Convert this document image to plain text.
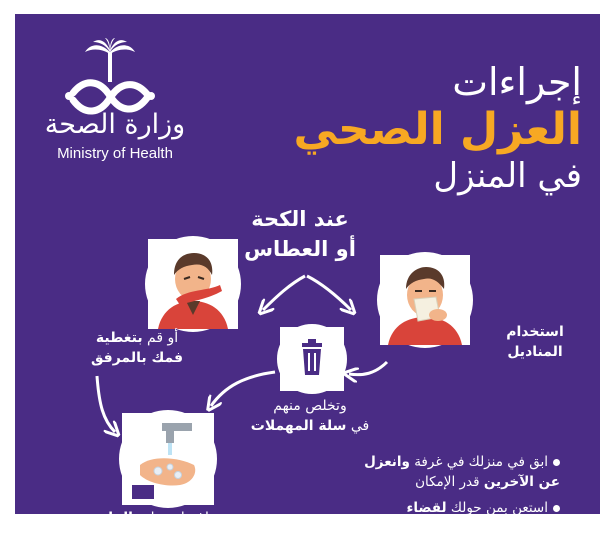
وزارة الصحة
Ministry of Health
إجراءات
العزل الصحي
في المنزل
عند الكحة
أو العطاس
أو قم بتغطية
فمك بالمرفق
استخدام
المناديل
وتخلص منهم
في سلة المهملات
ابق في منزلك في غرفة وانعزل
عن الآخرين قدر الإمكان
استعن بمن حولك لقضاء
اغسل يديك بالماء والصابون
